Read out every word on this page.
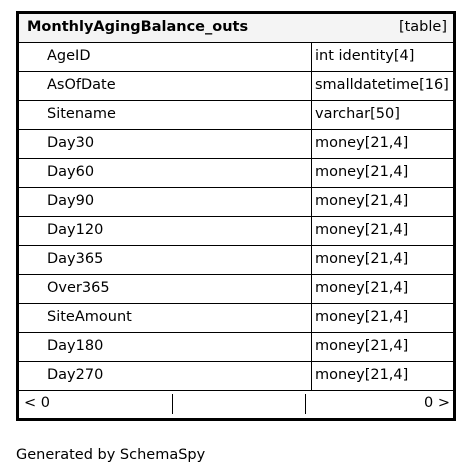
MonthlyAgingBalance_outs	[table]
AgeID	int identity[4]
AsOfDate	smalldatetime[16]
Sitename	varchar[50]
Day30	money[21,4]
Day60	money[21,4]
Day90	money[21,4]
Day120	money[21,4]
Day365	money[21,4]
Over365	money[21,4]
SiteAmount	money[21,4]
Day180	money[21,4]
Day270	money[21,4]
< 0	0 >
Generated by SchemaSpy
